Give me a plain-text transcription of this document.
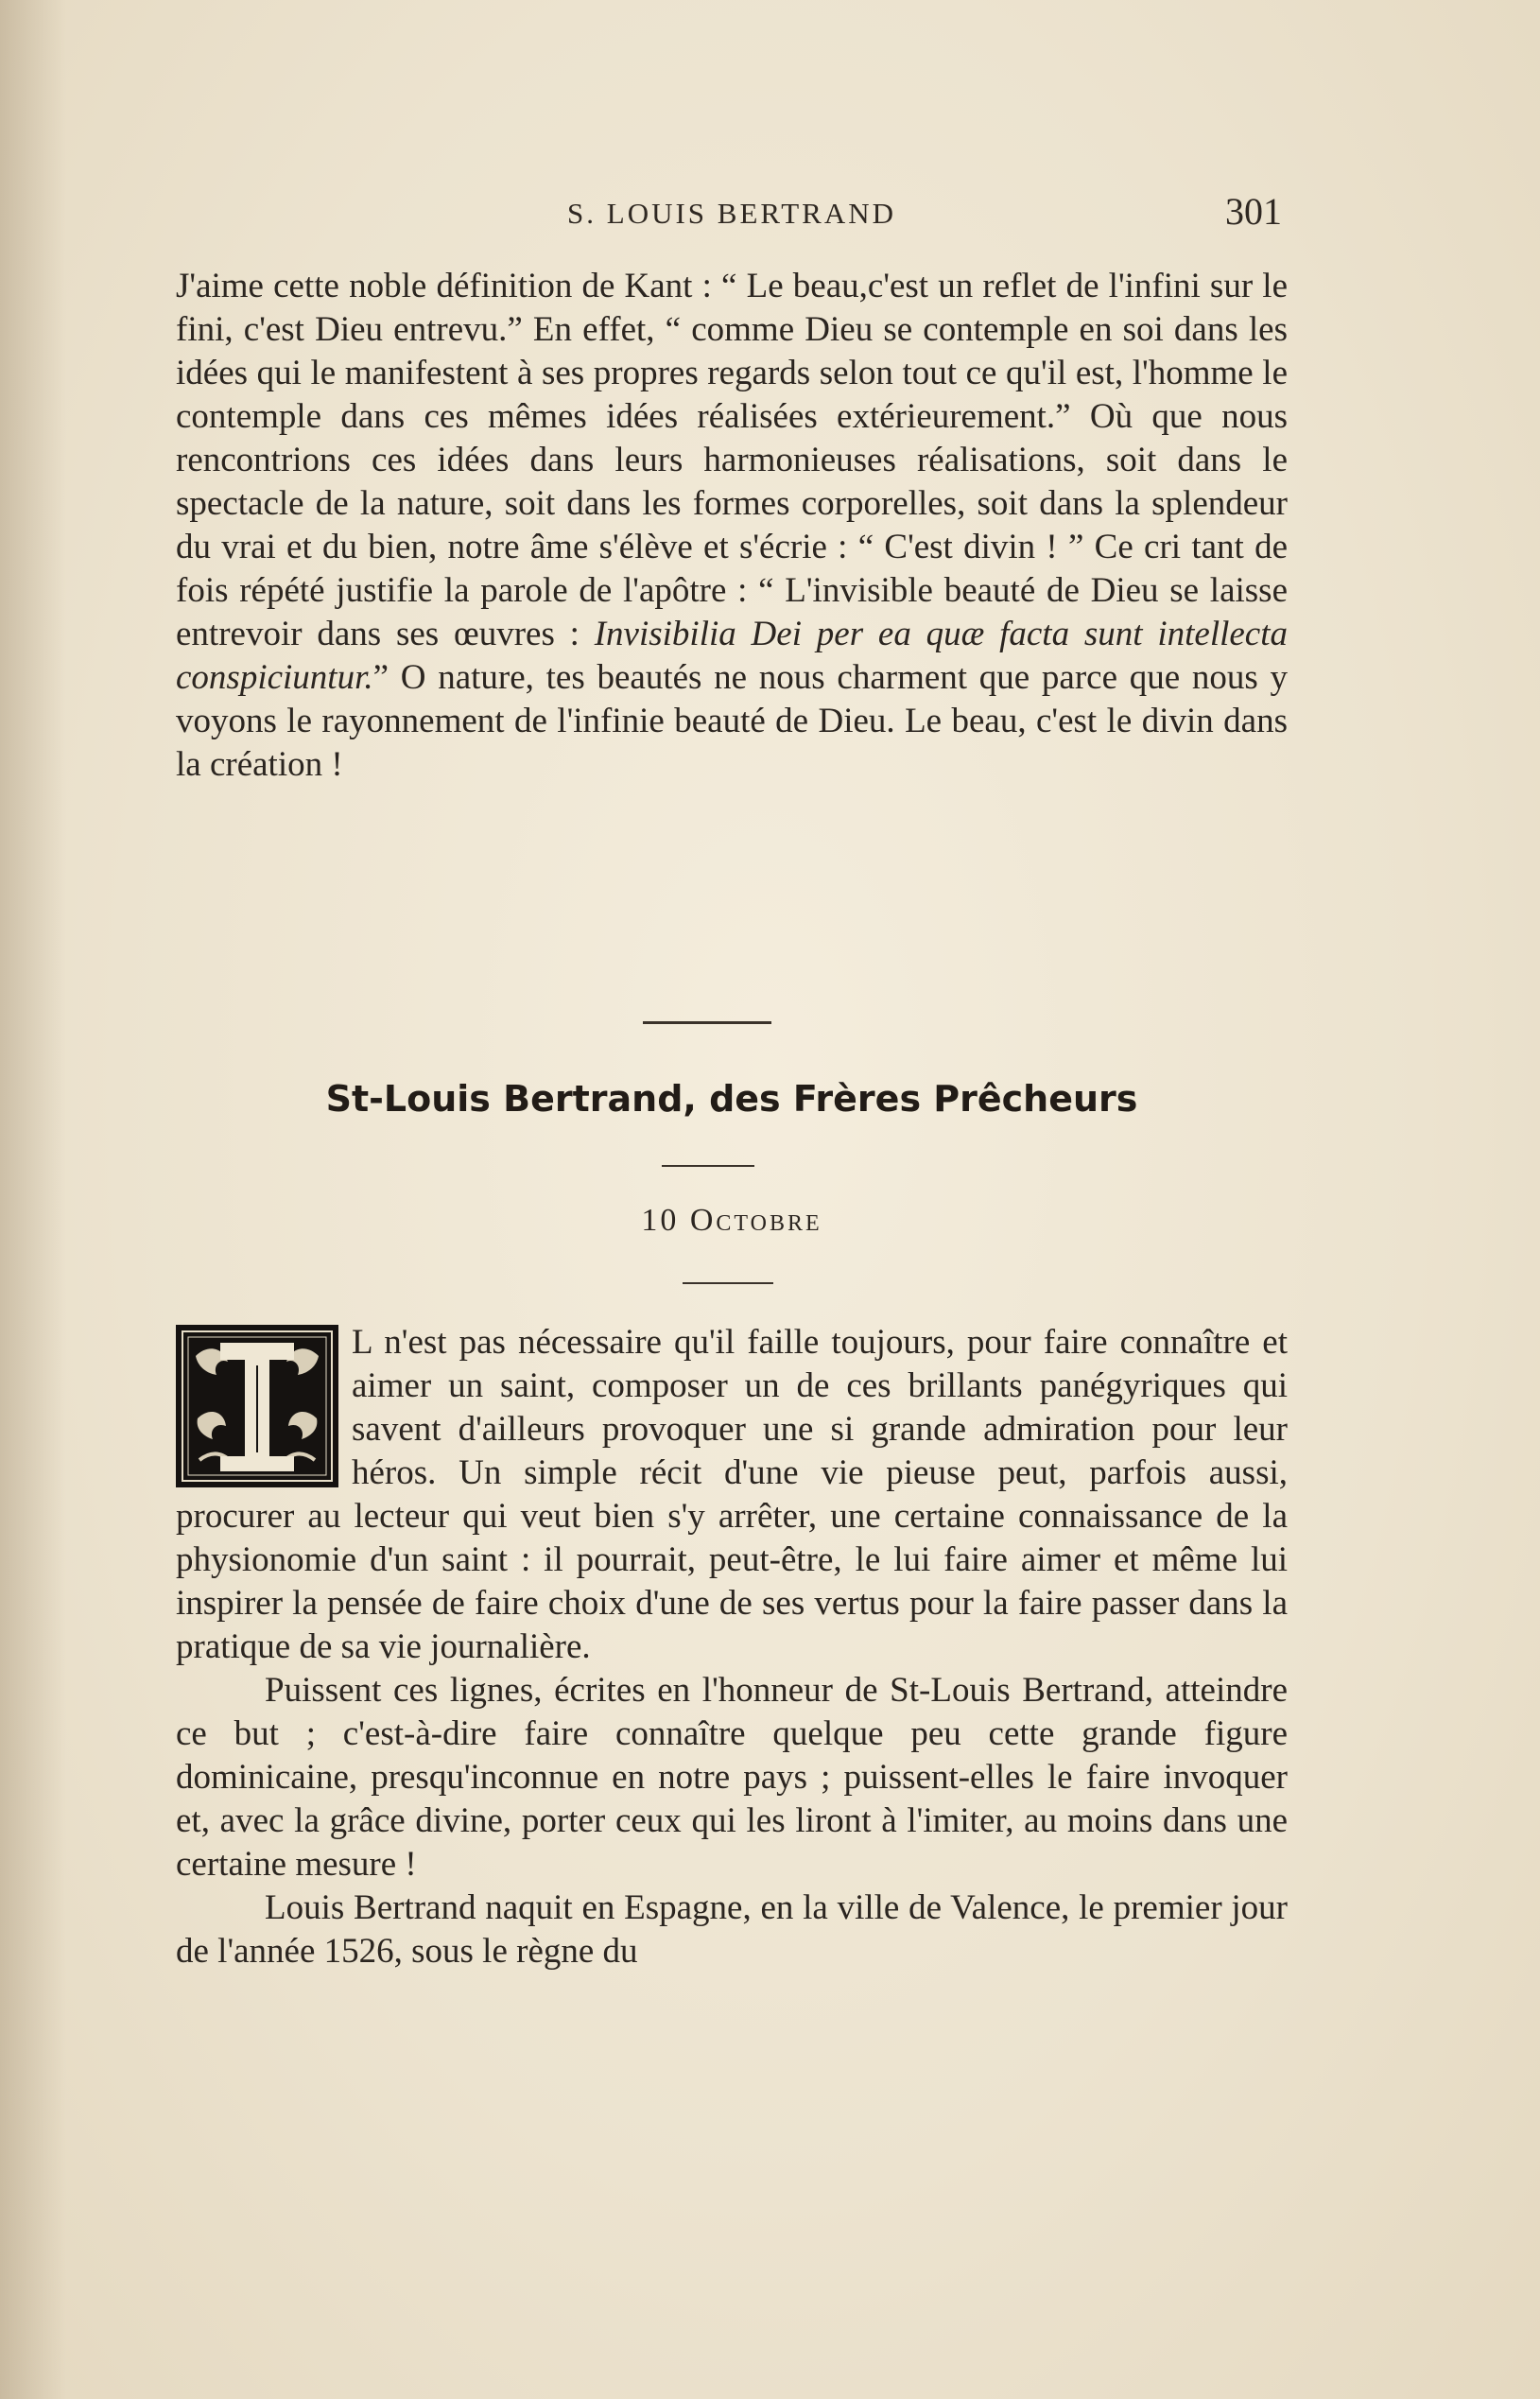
S. LOUIS BERTRAND	301

J'aime cette noble définition de Kant : “ Le beau,c'est un reflet de l'infini sur le fini, c'est Dieu entrevu.” En effet, “ comme Dieu se contemple en soi dans les idées qui le manifestent à ses propres regards selon tout ce qu'il est, l'homme le contemple dans ces mêmes idées réalisées extérieurement.” Où que nous rencontrions ces idées dans leurs harmonieuses réalisations, soit dans le spectacle de la nature, soit dans les formes corporelles, soit dans la splendeur du vrai et du bien, notre âme s'élève et s'écrie : “ C'est divin ! ” Ce cri tant de fois répété justifie la parole de l'apôtre : “ L'invisible beauté de Dieu se laisse entrevoir dans ses œuvres : Invisibilia Dei per ea quæ facta sunt intellecta conspiciuntur.” O nature, tes beautés ne nous charment que parce que nous y voyons le rayonnement de l'infinie beauté de Dieu. Le beau, c'est le divin dans la création !

St-Louis Bertrand, des Frères Prêcheurs
10 Octobre

L n'est pas nécessaire qu'il faille toujours, pour faire connaître et aimer un saint, composer un de ces brillants panégyriques qui savent d'ailleurs provoquer une si grande admiration pour leur héros. Un simple récit d'une vie pieuse peut, parfois aussi, procurer au lecteur qui veut bien s'y arrêter, une certaine connaissance de la physionomie d'un saint : il pourrait, peut-être, le lui faire aimer et même lui inspirer la pensée de faire choix d'une de ses vertus pour la faire passer dans la pratique de sa vie journalière.

Puissent ces lignes, écrites en l'honneur de St-Louis Bertrand, atteindre ce but ; c'est-à-dire faire connaître quelque peu cette grande figure dominicaine, presqu'inconnue en notre pays ; puissent-elles le faire invoquer et, avec la grâce divine, porter ceux qui les liront à l'imiter, au moins dans une certaine mesure !

Louis Bertrand naquit en Espagne, en la ville de Valence, le premier jour de l'année 1526, sous le règne du
